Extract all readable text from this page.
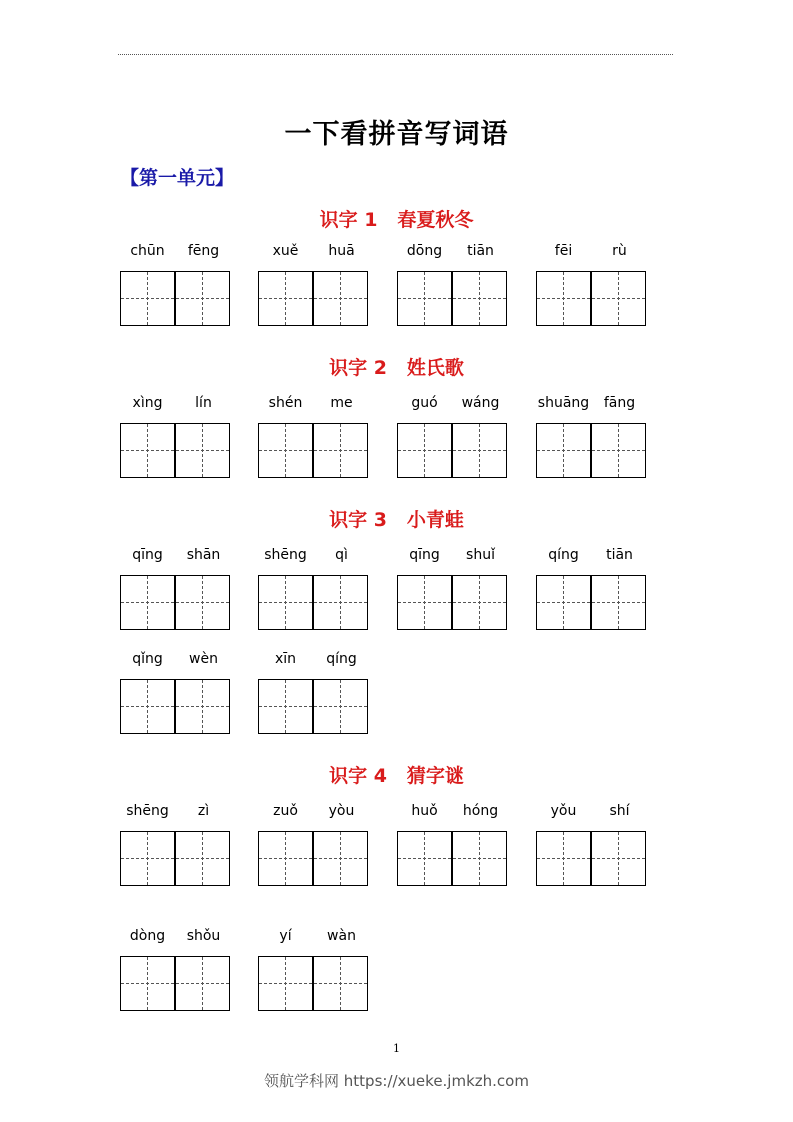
一下看拼音写词语
【第一单元】
识字 1   春夏秋冬
chūn	fēng	xuě	huā	dōng	tiān	fēi	rù
识字 2   姓氏歌
xìng	lín	shén	me	guó	wáng	shuāng	fāng
识字 3   小青蛙
qīng	shān	shēng	qì	qīng	shuǐ	qíng	tiān
qǐng	wèn	xīn	qíng
识字 4   猜字谜
shēng	zì	zuǒ	yòu	huǒ	hóng	yǒu	shí
dòng	shǒu	yí	wàn
1
领航学科网 https://xueke.jmkzh.com
